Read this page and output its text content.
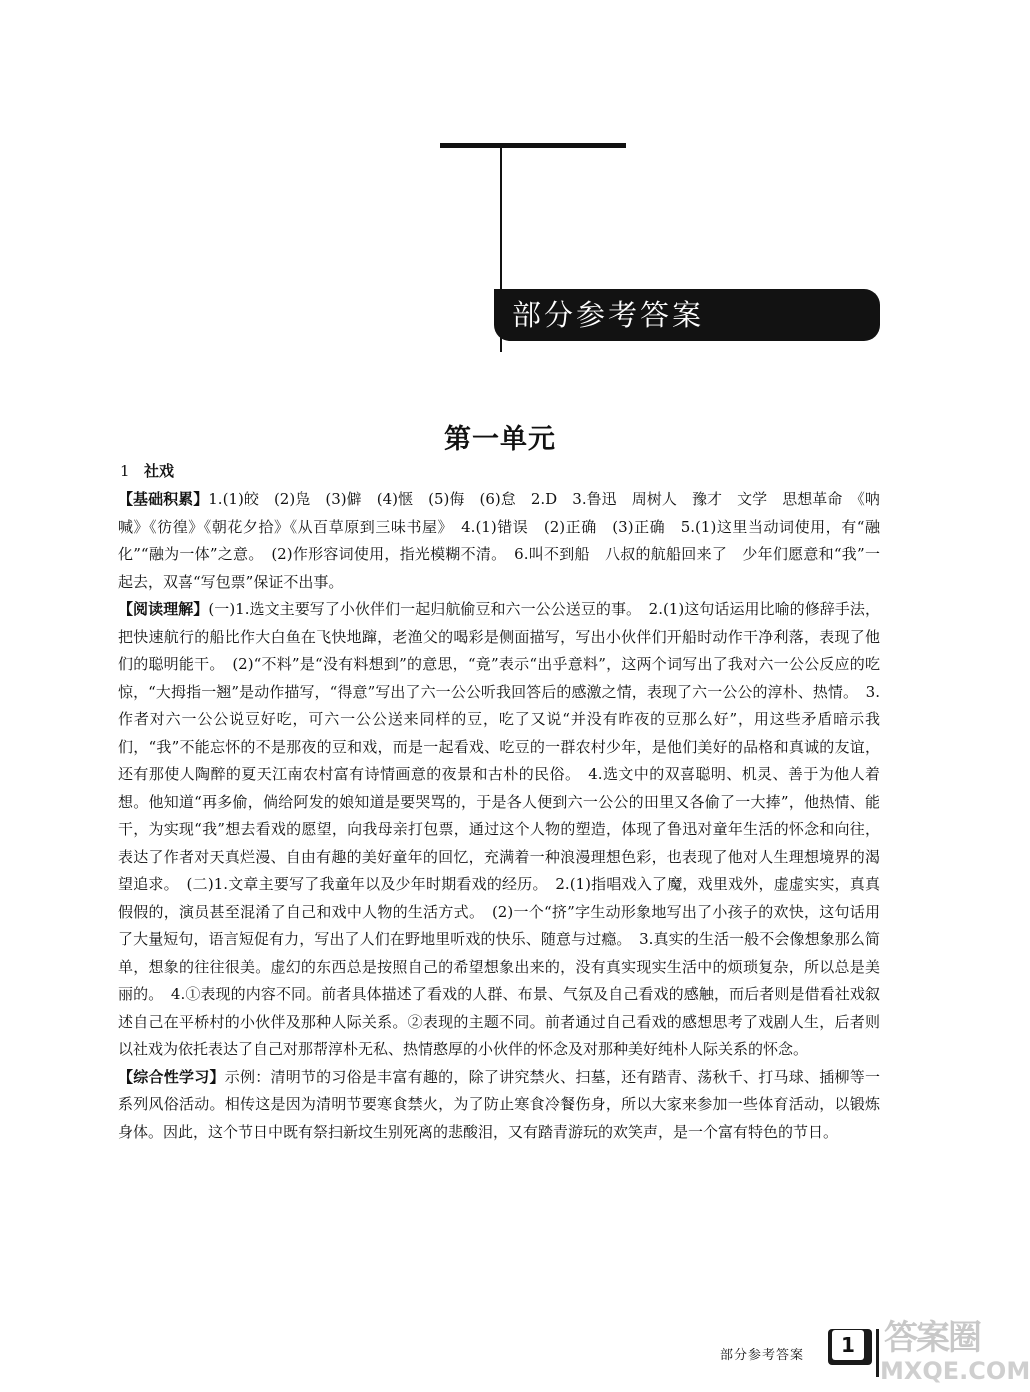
部分参考答案
第一单元
1 社戏

【基础积累】1.(1)皎　(2)凫　(3)僻　(4)惬　(5)侮　(6)怠　2.D　3.鲁迅　周树人　豫才　文学　思想革命　《呐喊》《彷徨》《朝花夕拾》《从百草原到三味书屋》　4.(1)错误　(2)正确　(3)正确　5.(1)这里当动词使用，有“融化”“融为一体”之意。　(2)作形容词使用，指光模糊不清。　6.叫不到船　八叔的航船回来了　少年们愿意和“我”一起去，双喜“写包票”保证不出事。

【阅读理解】(一)1.选文主要写了小伙伴们一起归航偷豆和六一公公送豆的事。　2.(1)这句话运用比喻的修辞手法，把快速航行的船比作大白鱼在飞快地蹿，老渔父的喝彩是侧面描写，写出小伙伴们开船时动作干净利落，表现了他们的聪明能干。　(2)“不料”是“没有料想到”的意思，“竟”表示“出乎意料”，这两个词写出了我对六一公公反应的吃惊，“大拇指一翘”是动作描写，“得意”写出了六一公公听我回答后的感激之情，表现了六一公公的淳朴、热情。　3.作者对六一公公说豆好吃，可六一公公送来同样的豆，吃了又说“并没有昨夜的豆那么好”，用这些矛盾暗示我们，“我”不能忘怀的不是那夜的豆和戏，而是一起看戏、吃豆的一群农村少年，是他们美好的品格和真诚的友谊，还有那使人陶醉的夏天江南农村富有诗情画意的夜景和古朴的民俗。　4.选文中的双喜聪明、机灵、善于为他人着想。他知道“再多偷，倘给阿发的娘知道是要哭骂的，于是各人便到六一公公的田里又各偷了一大捧”，他热情、能干，为实现“我”想去看戏的愿望，向我母亲打包票，通过这个人物的塑造，体现了鲁迅对童年生活的怀念和向往，表达了作者对天真烂漫、自由有趣的美好童年的回忆，充满着一种浪漫理想色彩，也表现了他对人生理想境界的渴望追求。　(二)1.文章主要写了我童年以及少年时期看戏的经历。　2.(1)指唱戏入了魔，戏里戏外，虚虚实实，真真假假的，演员甚至混淆了自己和戏中人物的生活方式。　(2)一个“挤”字生动形象地写出了小孩子的欢快，这句话用了大量短句，语言短促有力，写出了人们在野地里听戏的快乐、随意与过瘾。　3.真实的生活一般不会像想象那么简单，想象的往往很美。虚幻的东西总是按照自己的希望想象出来的，没有真实现实生活中的烦琐复杂，所以总是美丽的。　4.①表现的内容不同。前者具体描述了看戏的人群、布景、气氛及自己看戏的感触，而后者则是借看社戏叙述自己在平桥村的小伙伴及那种人际关系。②表现的主题不同。前者通过自己看戏的感想思考了戏剧人生，后者则以社戏为依托表达了自己对那帮淳朴无私、热情憨厚的小伙伴的怀念及对那种美好纯朴人际关系的怀念。

【综合性学习】示例：清明节的习俗是丰富有趣的，除了讲究禁火、扫墓，还有踏青、荡秋千、打马球、插柳等一系列风俗活动。相传这是因为清明节要寒食禁火，为了防止寒食冷餐伤身，所以大家来参加一些体育活动，以锻炼身体。因此，这个节日中既有祭扫新坟生别死离的悲酸泪，又有踏青游玩的欢笑声，是一个富有特色的节日。

部分参考答案	1 答案圈
MXQE.COM
